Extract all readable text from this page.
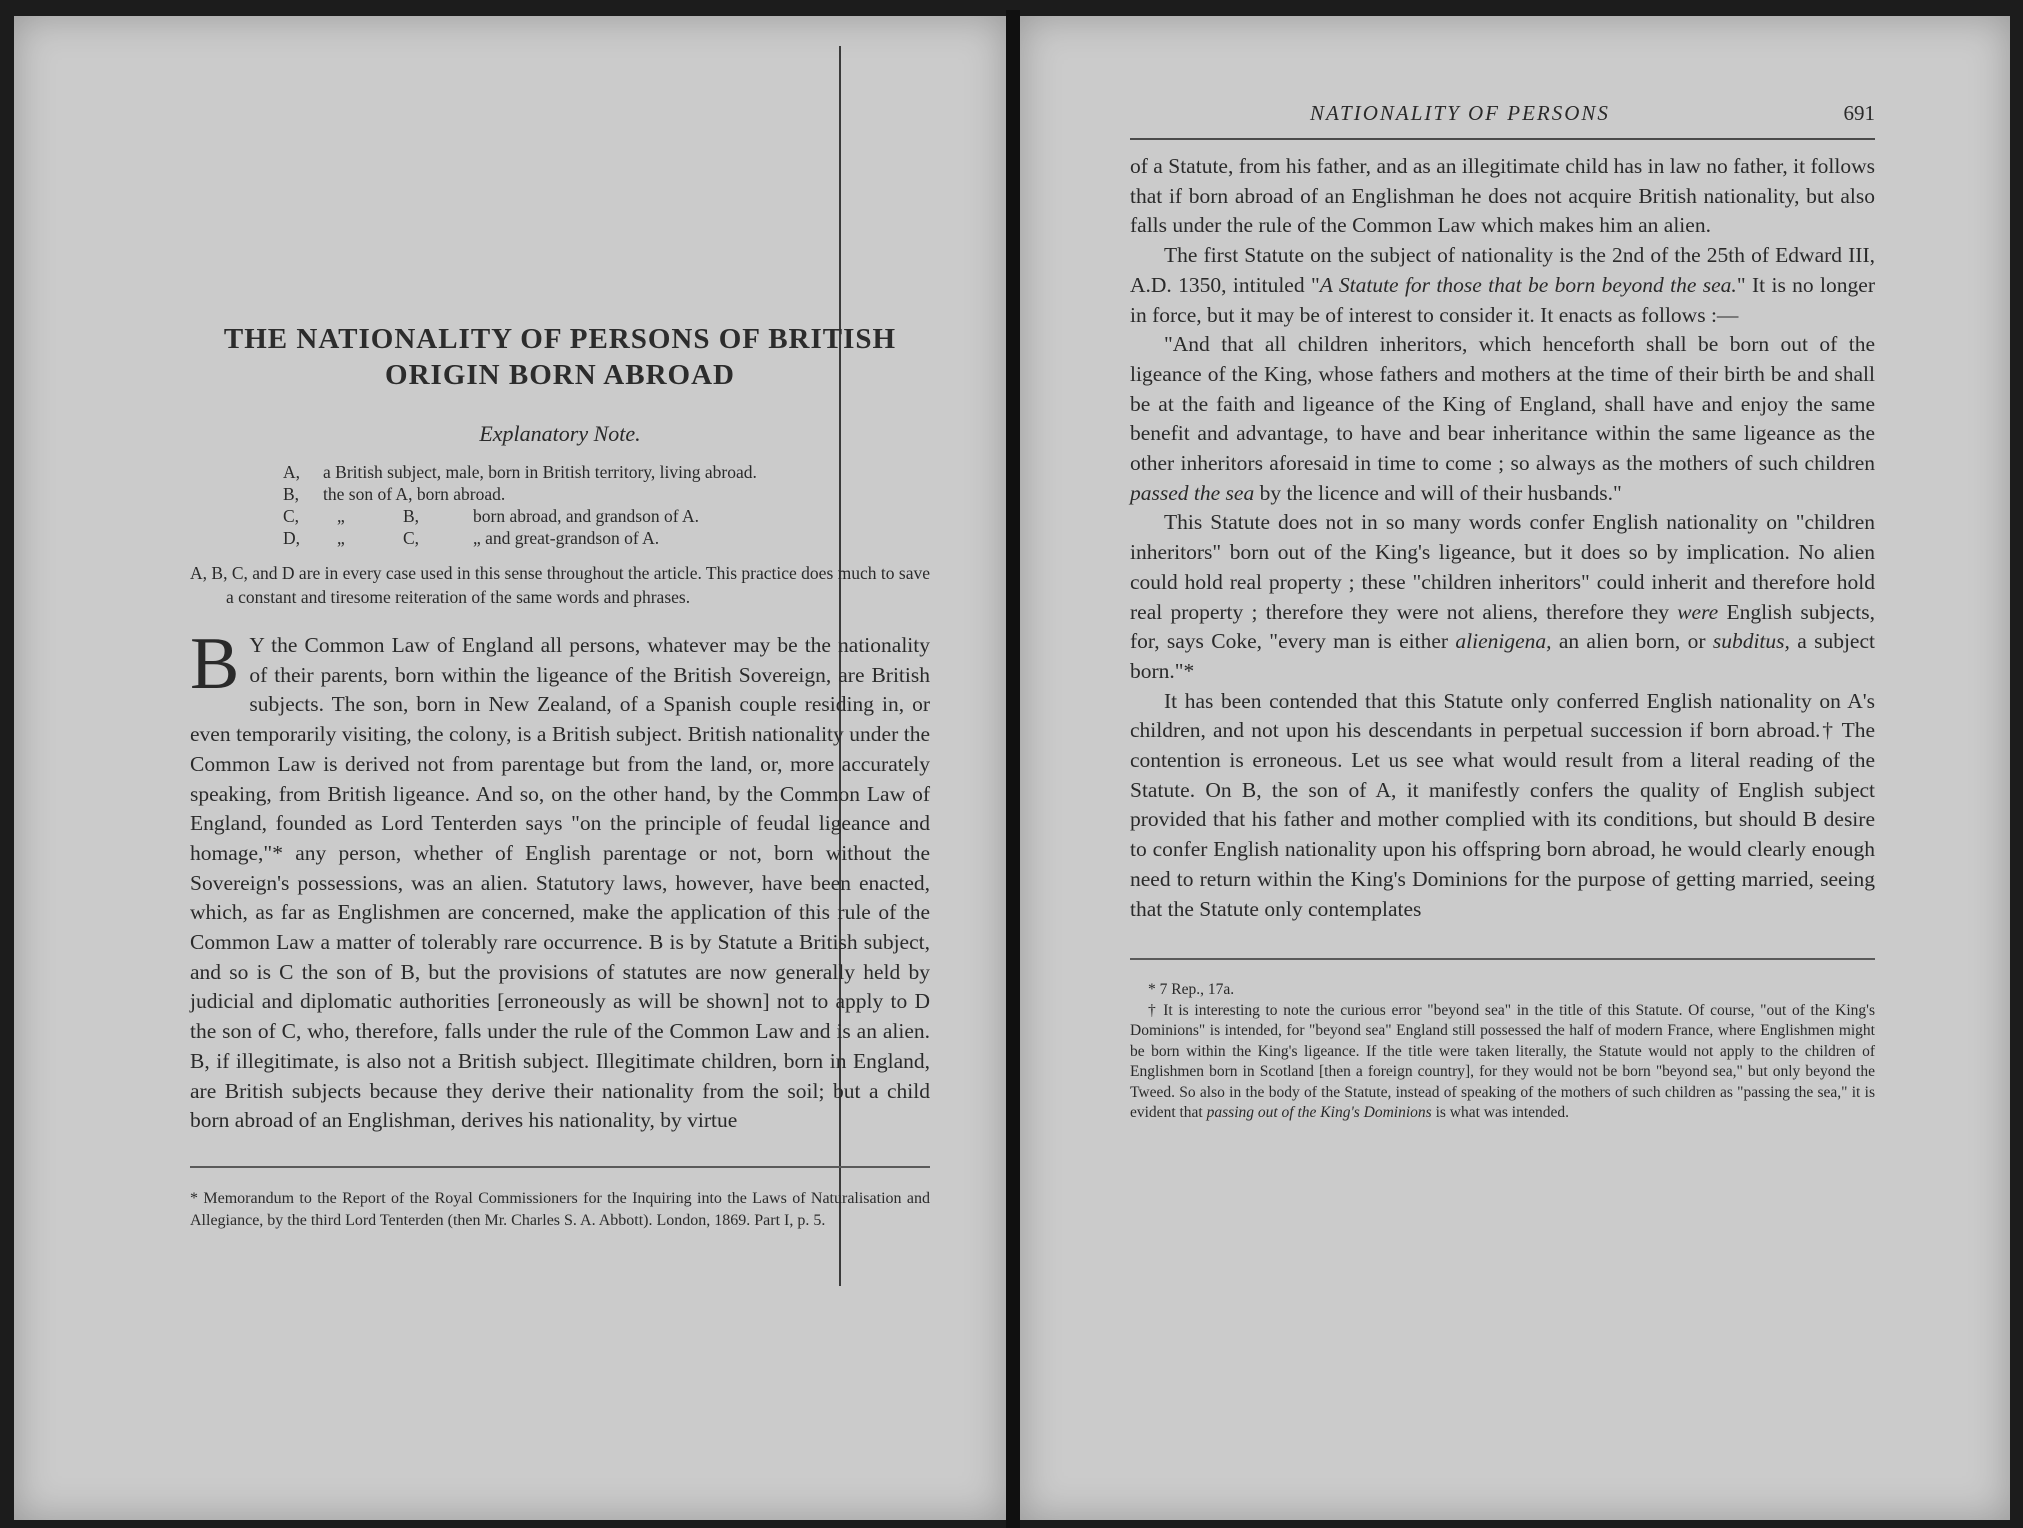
THE NATIONALITY OF PERSONS OF BRITISH
ORIGIN BORN ABROAD
Explanatory Note.
A,	a British subject, male, born in British territory, living abroad.
B,	the son of A, born abroad.
C,	„	B,	born abroad, and grandson of A.
D,	„	C,	„ and great-grandson of A.
A, B, C, and D are in every case used in this sense throughout the article. This practice does much to save a constant and tiresome reiteration of the same words and phrases.
B Y the Common Law of England all persons, whatever may be the nationality of their parents, born within the ligeance of the British Sovereign, are British subjects. The son, born in New Zealand, of a Spanish couple residing in, or even temporarily visiting, the colony, is a British subject. British nationality under the Common Law is derived not from parentage but from the land, or, more accurately speaking, from British ligeance. And so, on the other hand, by the Common Law of England, founded as Lord Tenterden says "on the principle of feudal ligeance and homage,"* any person, whether of English parentage or not, born without the Sovereign's possessions, was an alien. Statutory laws, however, have been enacted, which, as far as Englishmen are concerned, make the application of this rule of the Common Law a matter of tolerably rare occurrence. B is by Statute a British subject, and so is C the son of B, but the provisions of statutes are now generally held by judicial and diplomatic authorities [erroneously as will be shown] not to apply to D the son of C, who, therefore, falls under the rule of the Common Law and is an alien. B, if illegitimate, is also not a British subject. Illegitimate children, born in England, are British subjects because they derive their nationality from the soil; but a child born abroad of an Englishman, derives his nationality, by virtue

* Memorandum to the Report of the Royal Commissioners for the Inquiring into the Laws of Naturalisation and Allegiance, by the third Lord Tenterden (then Mr. Charles S. A. Abbott). London, 1869. Part I, p. 5.
NATIONALITY OF PERSONS	691

of a Statute, from his father, and as an illegitimate child has in law no father, it follows that if born abroad of an Englishman he does not acquire British nationality, but also falls under the rule of the Common Law which makes him an alien.

The first Statute on the subject of nationality is the 2nd of the 25th of Edward III, A.D. 1350, intituled "A Statute for those that be born beyond the sea." It is no longer in force, but it may be of interest to consider it. It enacts as follows :—

"And that all children inheritors, which henceforth shall be born out of the ligeance of the King, whose fathers and mothers at the time of their birth be and shall be at the faith and ligeance of the King of England, shall have and enjoy the same benefit and advantage, to have and bear inheritance within the same ligeance as the other inheritors aforesaid in time to come ; so always as the mothers of such children passed the sea by the licence and will of their husbands."

This Statute does not in so many words confer English nationality on "children inheritors" born out of the King's ligeance, but it does so by implication. No alien could hold real property ; these "children inheritors" could inherit and therefore hold real property ; therefore they were not aliens, therefore they were English subjects, for, says Coke, "every man is either alienigena, an alien born, or subditus, a subject born."*

It has been contended that this Statute only conferred English nationality on A's children, and not upon his descendants in perpetual succession if born abroad.† The contention is erroneous. Let us see what would result from a literal reading of the Statute. On B, the son of A, it manifestly confers the quality of English subject provided that his father and mother complied with its conditions, but should B desire to confer English nationality upon his offspring born abroad, he would clearly enough need to return within the King's Dominions for the purpose of getting married, seeing that the Statute only contemplates

* 7 Rep., 17a.
† It is interesting to note the curious error "beyond sea" in the title of this Statute. Of course, "out of the King's Dominions" is intended, for "beyond sea" England still possessed the half of modern France, where Englishmen might be born within the King's ligeance. If the title were taken literally, the Statute would not apply to the children of Englishmen born in Scotland [then a foreign country], for they would not be born "beyond sea," but only beyond the Tweed. So also in the body of the Statute, instead of speaking of the mothers of such children as "passing the sea," it is evident that passing out of the King's Dominions is what was intended.
